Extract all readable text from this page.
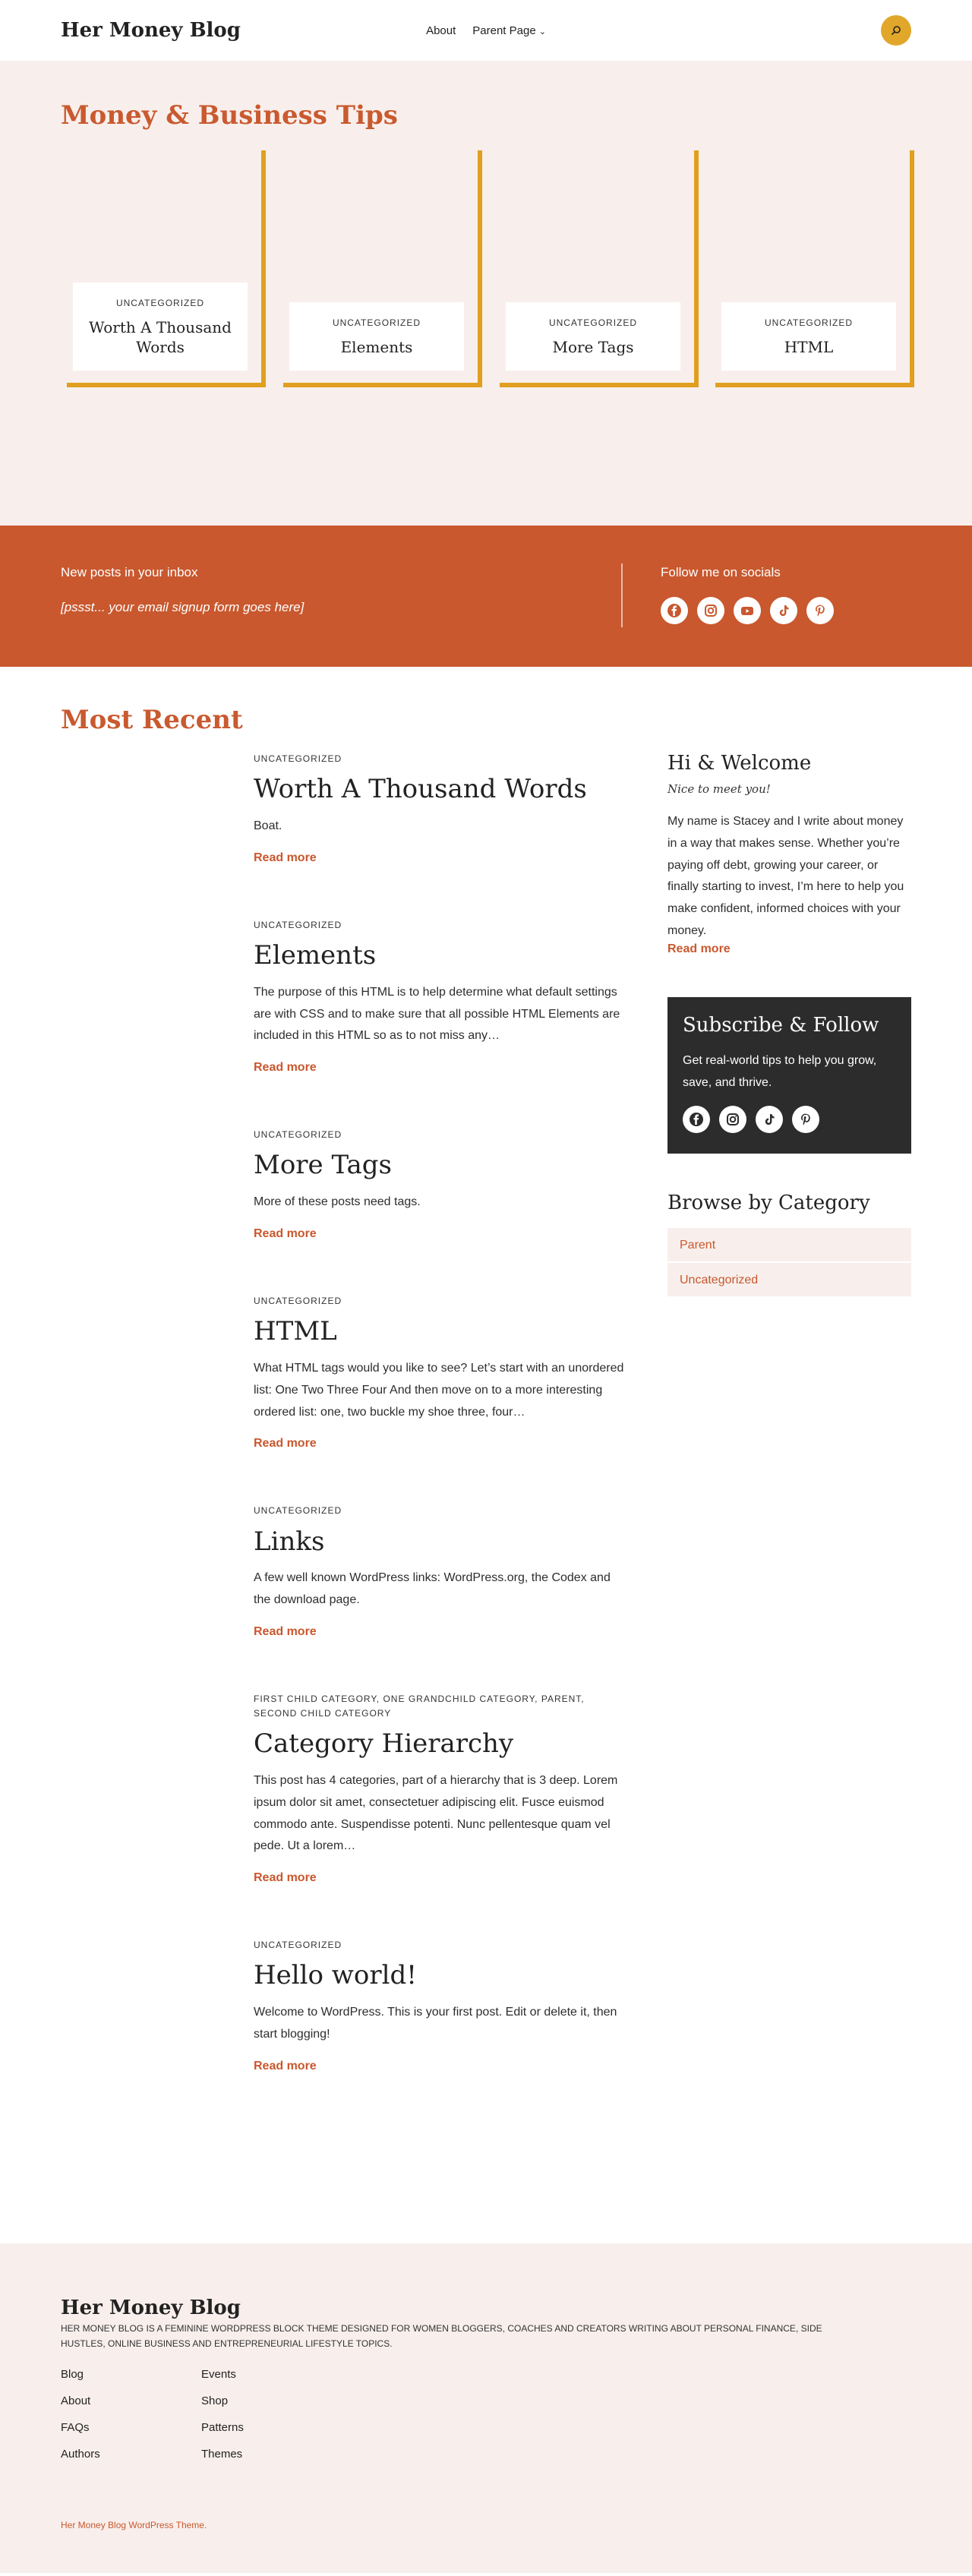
Her Money Blog	About Parent Page ⌄
Money & Business Tips
UNCATEGORIZED
Worth A Thousand Words
UNCATEGORIZED
Elements
UNCATEGORIZED
More Tags
UNCATEGORIZED
HTML
New posts in your inbox
[pssst... your email signup form goes here]
Follow me on socials
Most Recent
UNCATEGORIZED
Worth A Thousand Words

Boat.

Read more
UNCATEGORIZED
Elements

The purpose of this HTML is to help determine what default settings are with CSS and to make sure that all possible HTML Elements are included in this HTML so as to not miss any…

Read more
UNCATEGORIZED
More Tags

More of these posts need tags.

Read more
UNCATEGORIZED
HTML

What HTML tags would you like to see? Let’s start with an unordered list: One Two Three Four And then move on to a more interesting ordered list: one, two buckle my shoe three, four…

Read more
UNCATEGORIZED
Links

A few well known WordPress links: WordPress.org, the Codex and the download page.

Read more
FIRST CHILD CATEGORY, ONE GRANDCHILD CATEGORY, PARENT, SECOND CHILD CATEGORY
Category Hierarchy

This post has 4 categories, part of a hierarchy that is 3 deep. Lorem ipsum dolor sit amet, consectetuer adipiscing elit. Fusce euismod commodo ante. Suspendisse potenti. Nunc pellentesque quam vel pede. Ut a lorem…

Read more
UNCATEGORIZED
Hello world!

Welcome to WordPress. This is your first post. Edit or delete it, then start blogging!

Read more
Hi & Welcome
Nice to meet you!

My name is Stacey and I write about money in a way that makes sense. Whether you’re paying off debt, growing your career, or finally starting to invest, I’m here to help you make confident, informed choices with your money.

Read more
Subscribe & Follow

Get real-world tips to help you grow, save, and thrive.

Browse by Category
Parent
Uncategorized
Her Money Blog

HER MONEY BLOG IS A FEMININE WORDPRESS BLOCK THEME DESIGNED FOR WOMEN BLOGGERS, COACHES AND CREATORS WRITING ABOUT PERSONAL FINANCE, SIDE HUSTLES, ONLINE BUSINESS AND ENTREPRENEURIAL LIFESTYLE TOPICS.

Blog
About
FAQs
Authors
Events
Shop
Patterns
Themes
Her Money Blog WordPress Theme.
